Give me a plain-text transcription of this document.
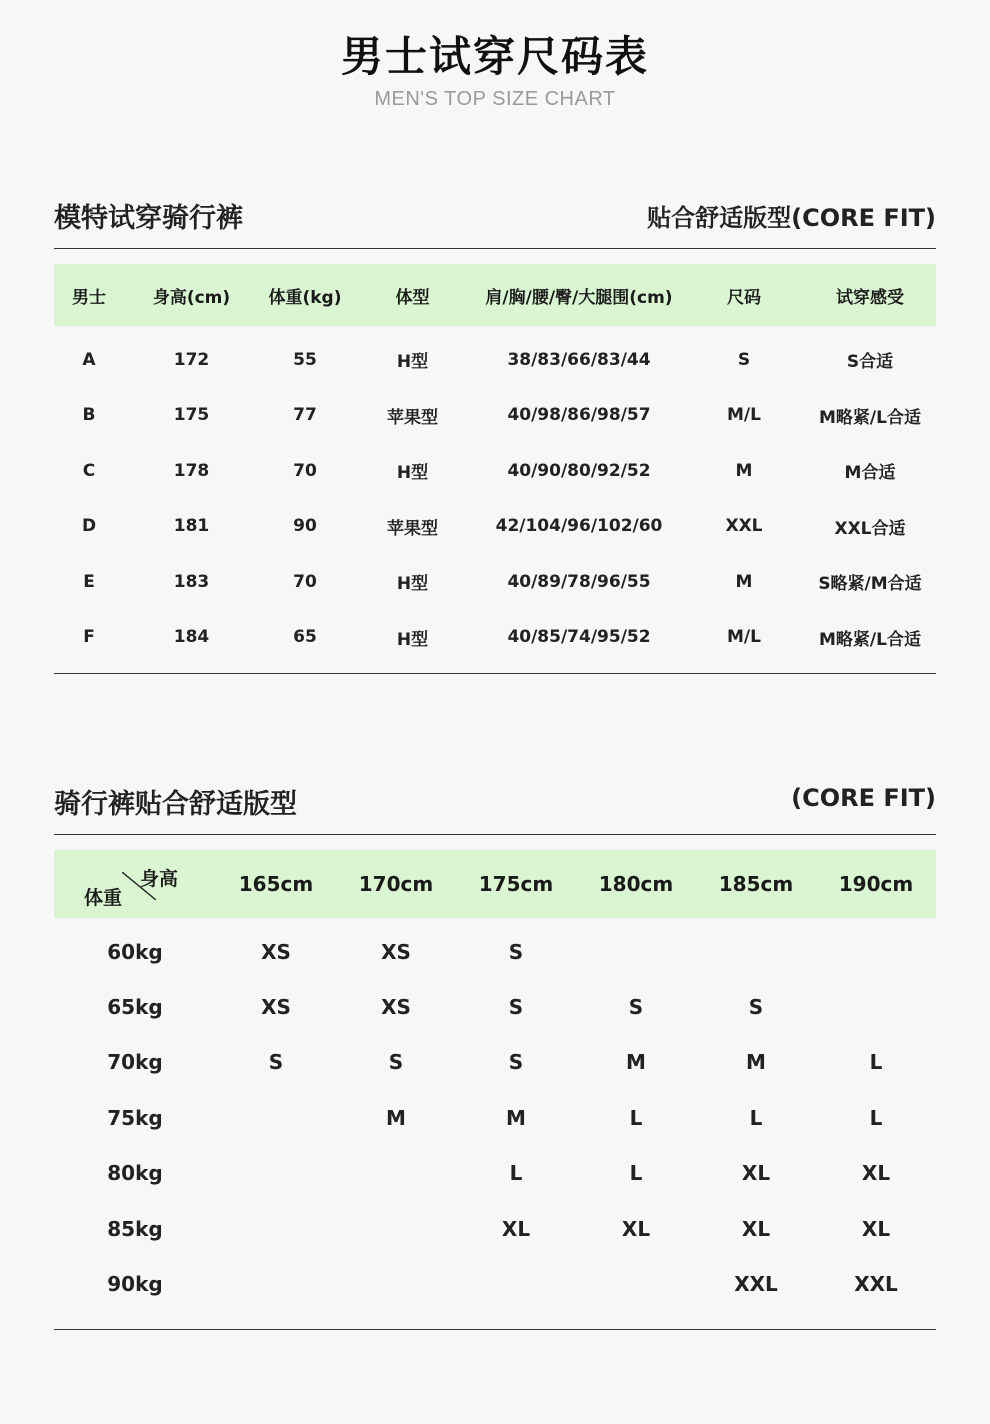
男士试穿尺码表
MEN'S TOP SIZE CHART
模特试穿骑行裤	贴合舒适版型(CORE FIT)
男士	身高(cm)	体重(kg)	体型	肩/胸/腰/臀/大腿围(cm)	尺码	试穿感受
A	172	55	H型	38/83/66/83/44	S	S合适
B	175	77	苹果型	40/98/86/98/57	M/L	M略紧/L合适
C	178	70	H型	40/90/80/92/52	M	M合适
D	181	90	苹果型	42/104/96/102/60	XXL	XXL合适
E	183	70	H型	40/89/78/96/55	M	S略紧/M合适
F	184	65	H型	40/85/74/95/52	M/L	M略紧/L合适
骑行裤贴合舒适版型	(CORE FIT)
身高
体重	165cm	170cm	175cm	180cm	185cm	190cm
60kg	XS	XS	S			
65kg	XS	XS	S	S	S	
70kg	S	S	S	M	M	L
75kg		M	M	L	L	L
80kg			L	L	XL	XL
85kg			XL	XL	XL	XL
90kg					XXL	XXL
